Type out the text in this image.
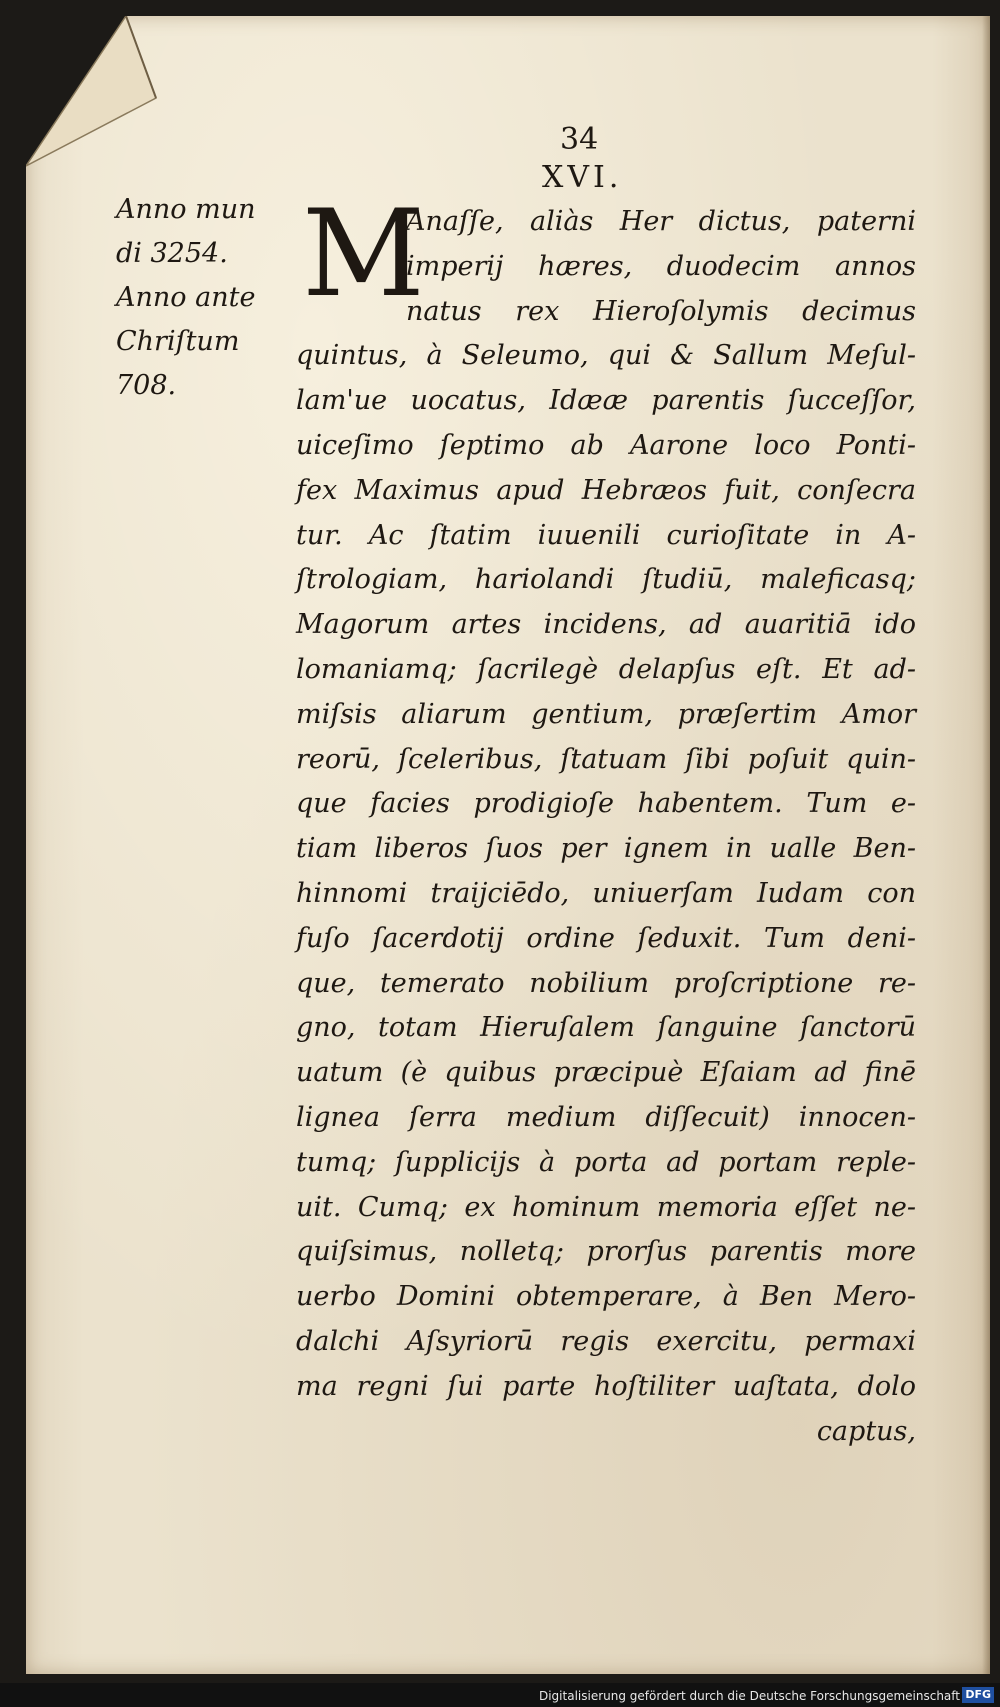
34
XVI.
Anno mun
di 3254.
Anno ante
Chriſtum
708.
M
Anaſſe, aliàs Her dictus, paterni
imperij hæres, duodecim annos
natus rex Hieroſolymis decimus
quintus, à Seleumo, qui & Sallum Meſul-
lam'ue uocatus, Idææ parentis ſucceſſor,
uiceſimo ſeptimo ab Aarone loco Ponti-
fex Maximus apud Hebræos fuit, conſecra
tur. Ac ſtatim iuuenili curioſitate in A-
ſtrologiam, hariolandi ſtudiū, maleficasq;
Magorum artes incidens, ad auaritiā ido
lomaniamq; ſacrilegè delapſus eſt. Et ad-
miſsis aliarum gentium, præſertim Amor
reorū, ſceleribus, ſtatuam ſibi poſuit quin-
que facies prodigioſe habentem. Tum e-
tiam liberos ſuos per ignem in ualle Ben-
hinnomi traijciēdo, uniuerſam Iudam con
fuſo ſacerdotij ordine ſeduxit. Tum deni-
que, temerato nobilium proſcriptione re-
gno, totam Hieruſalem ſanguine ſanctorū
uatum (è quibus præcipuè Eſaiam ad finē
lignea ſerra medium diſſecuit) innocen-
tumq; ſupplicijs à porta ad portam reple-
uit. Cumq; ex hominum memoria eſſet ne-
quiſsimus, nolletq; prorſus parentis more
uerbo Domini obtemperare, à Ben Mero-
dalchi Aſsyriorū regis exercitu, permaxi
ma regni ſui parte hoſtiliter uaſtata, dolo
captus,
Digitalisierung gefördert durch die Deutsche Forschungsgemeinschaft DFG
